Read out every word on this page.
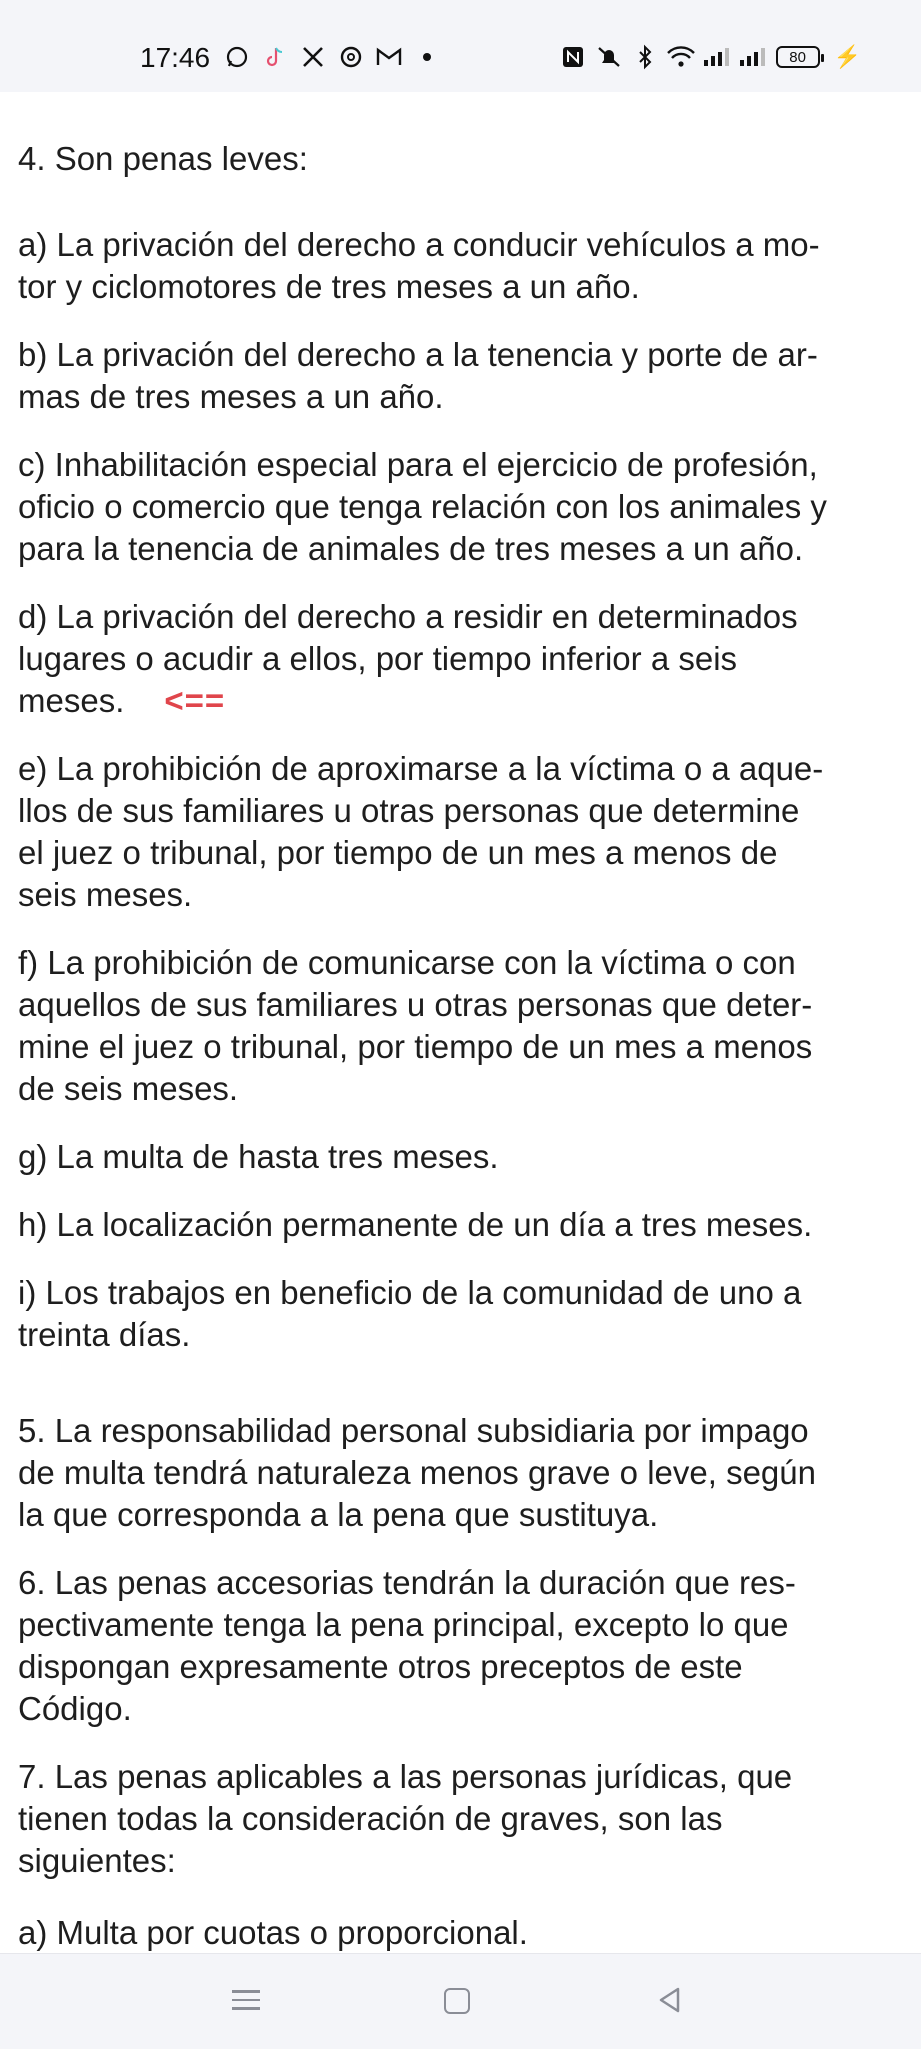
17:46	80	⚡

4. Son penas leves:

a) La privación del derecho a conducir vehículos a mo-
tor y ciclomotores de tres meses a un año.

b) La privación del derecho a la tenencia y porte de ar-
mas de tres meses a un año.

c) Inhabilitación especial para el ejercicio de profesión,
oficio o comercio que tenga relación con los animales y
para la tenencia de animales de tres meses a un año.

d) La privación del derecho a residir en determinados
lugares o acudir a ellos, por tiempo inferior a seis
meses. <==

e) La prohibición de aproximarse a la víctima o a aque-
llos de sus familiares u otras personas que determine
el juez o tribunal, por tiempo de un mes a menos de
seis meses.

f) La prohibición de comunicarse con la víctima o con
aquellos de sus familiares u otras personas que deter-
mine el juez o tribunal, por tiempo de un mes a menos
de seis meses.

g) La multa de hasta tres meses.

h) La localización permanente de un día a tres meses.

i) Los trabajos en beneficio de la comunidad de uno a
treinta días.

5. La responsabilidad personal subsidiaria por impago
de multa tendrá naturaleza menos grave o leve, según
la que corresponda a la pena que sustituya.

6. Las penas accesorias tendrán la duración que res-
pectivamente tenga la pena principal, excepto lo que
dispongan expresamente otros preceptos de este
Código.

7. Las penas aplicables a las personas jurídicas, que
tienen todas la consideración de graves, son las
siguientes:

a) Multa por cuotas o proporcional.
